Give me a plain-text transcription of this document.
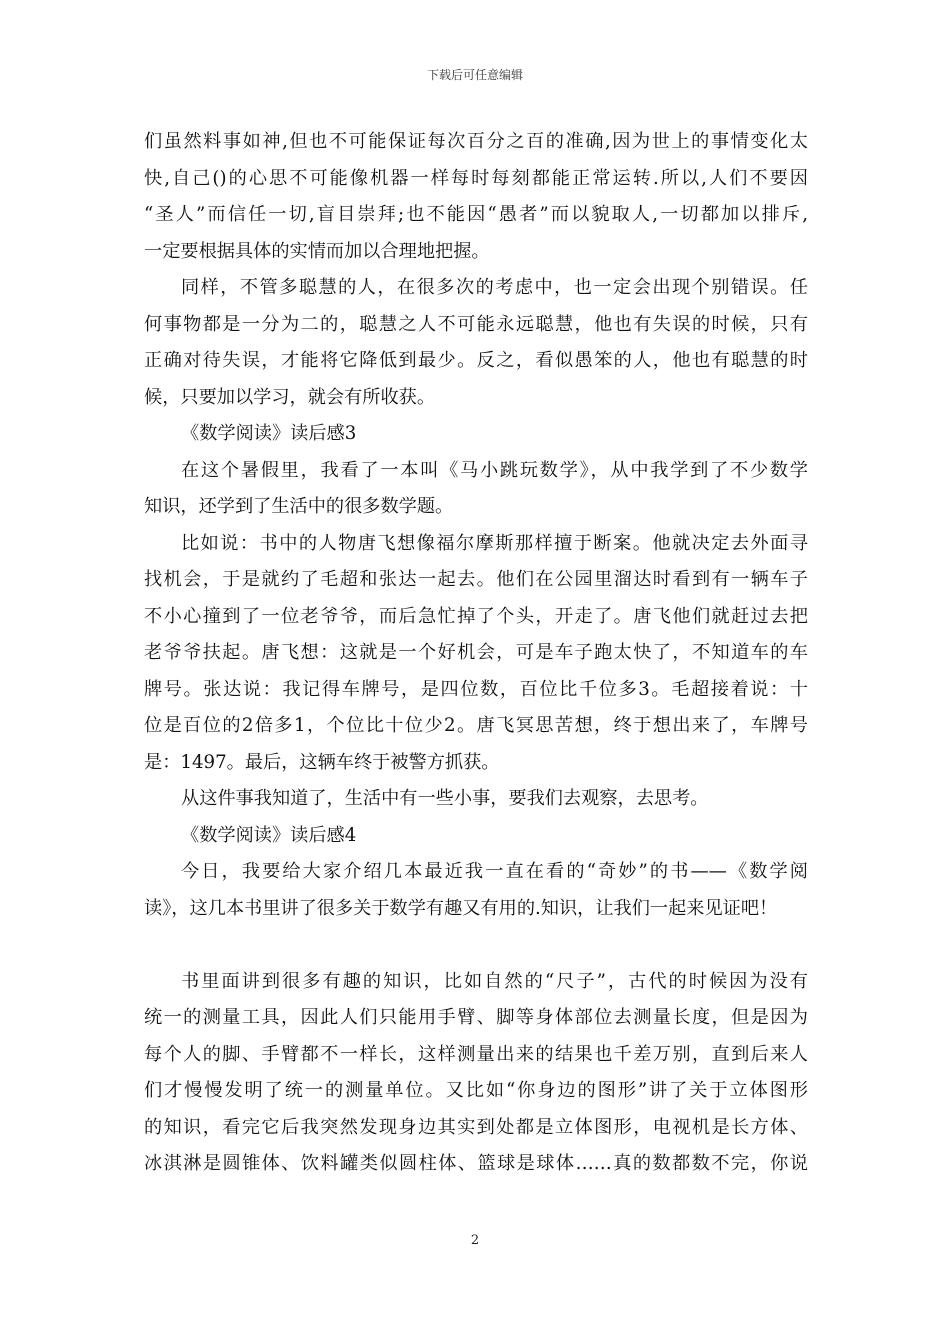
下载后可任意编辑
们虽然料事如神,但也不可能保证每次百分之百的准确,因为世上的事情变化太
快,自己()的心思不可能像机器一样每时每刻都能正常运转.所以,人们不要因
“圣人”而信任一切,盲目崇拜;也不能因“愚者”而以貌取人,一切都加以排斥,
一定要根据具体的实情而加以合理地把握。
同样，不管多聪慧的人，在很多次的考虑中，也一定会出现个别错误。任
何事物都是一分为二的，聪慧之人不可能永远聪慧，他也有失误的时候，只有
正确对待失误，才能将它降低到最少。反之，看似愚笨的人，他也有聪慧的时
候，只要加以学习，就会有所收获。
《数学阅读》读后感3
在这个暑假里，我看了一本叫《马小跳玩数学》，从中我学到了不少数学
知识，还学到了生活中的很多数学题。
比如说：书中的人物唐飞想像福尔摩斯那样擅于断案。他就决定去外面寻
找机会，于是就约了毛超和张达一起去。他们在公园里溜达时看到有一辆车子
不小心撞到了一位老爷爷，而后急忙掉了个头，开走了。唐飞他们就赶过去把
老爷爷扶起。唐飞想：这就是一个好机会，可是车子跑太快了，不知道车的车
牌号。张达说：我记得车牌号，是四位数，百位比千位多3。毛超接着说：十
位是百位的2倍多1，个位比十位少2。唐飞冥思苦想，终于想出来了，车牌号
是：1497。最后，这辆车终于被警方抓获。
从这件事我知道了，生活中有一些小事，要我们去观察，去思考。
《数学阅读》读后感4
今日，我要给大家介绍几本最近我一直在看的“奇妙”的书——《数学阅
读》，这几本书里讲了很多关于数学有趣又有用的.知识，让我们一起来见证吧！
书里面讲到很多有趣的知识，比如自然的“尺子”，古代的时候因为没有
统一的测量工具，因此人们只能用手臂、脚等身体部位去测量长度，但是因为
每个人的脚、手臂都不一样长，这样测量出来的结果也千差万别，直到后来人
们才慢慢发明了统一的测量单位。又比如“你身边的图形”讲了关于立体图形
的知识，看完它后我突然发现身边其实到处都是立体图形，电视机是长方体、
冰淇淋是圆锥体、饮料罐类似圆柱体、篮球是球体……真的数都数不完，你说
2
